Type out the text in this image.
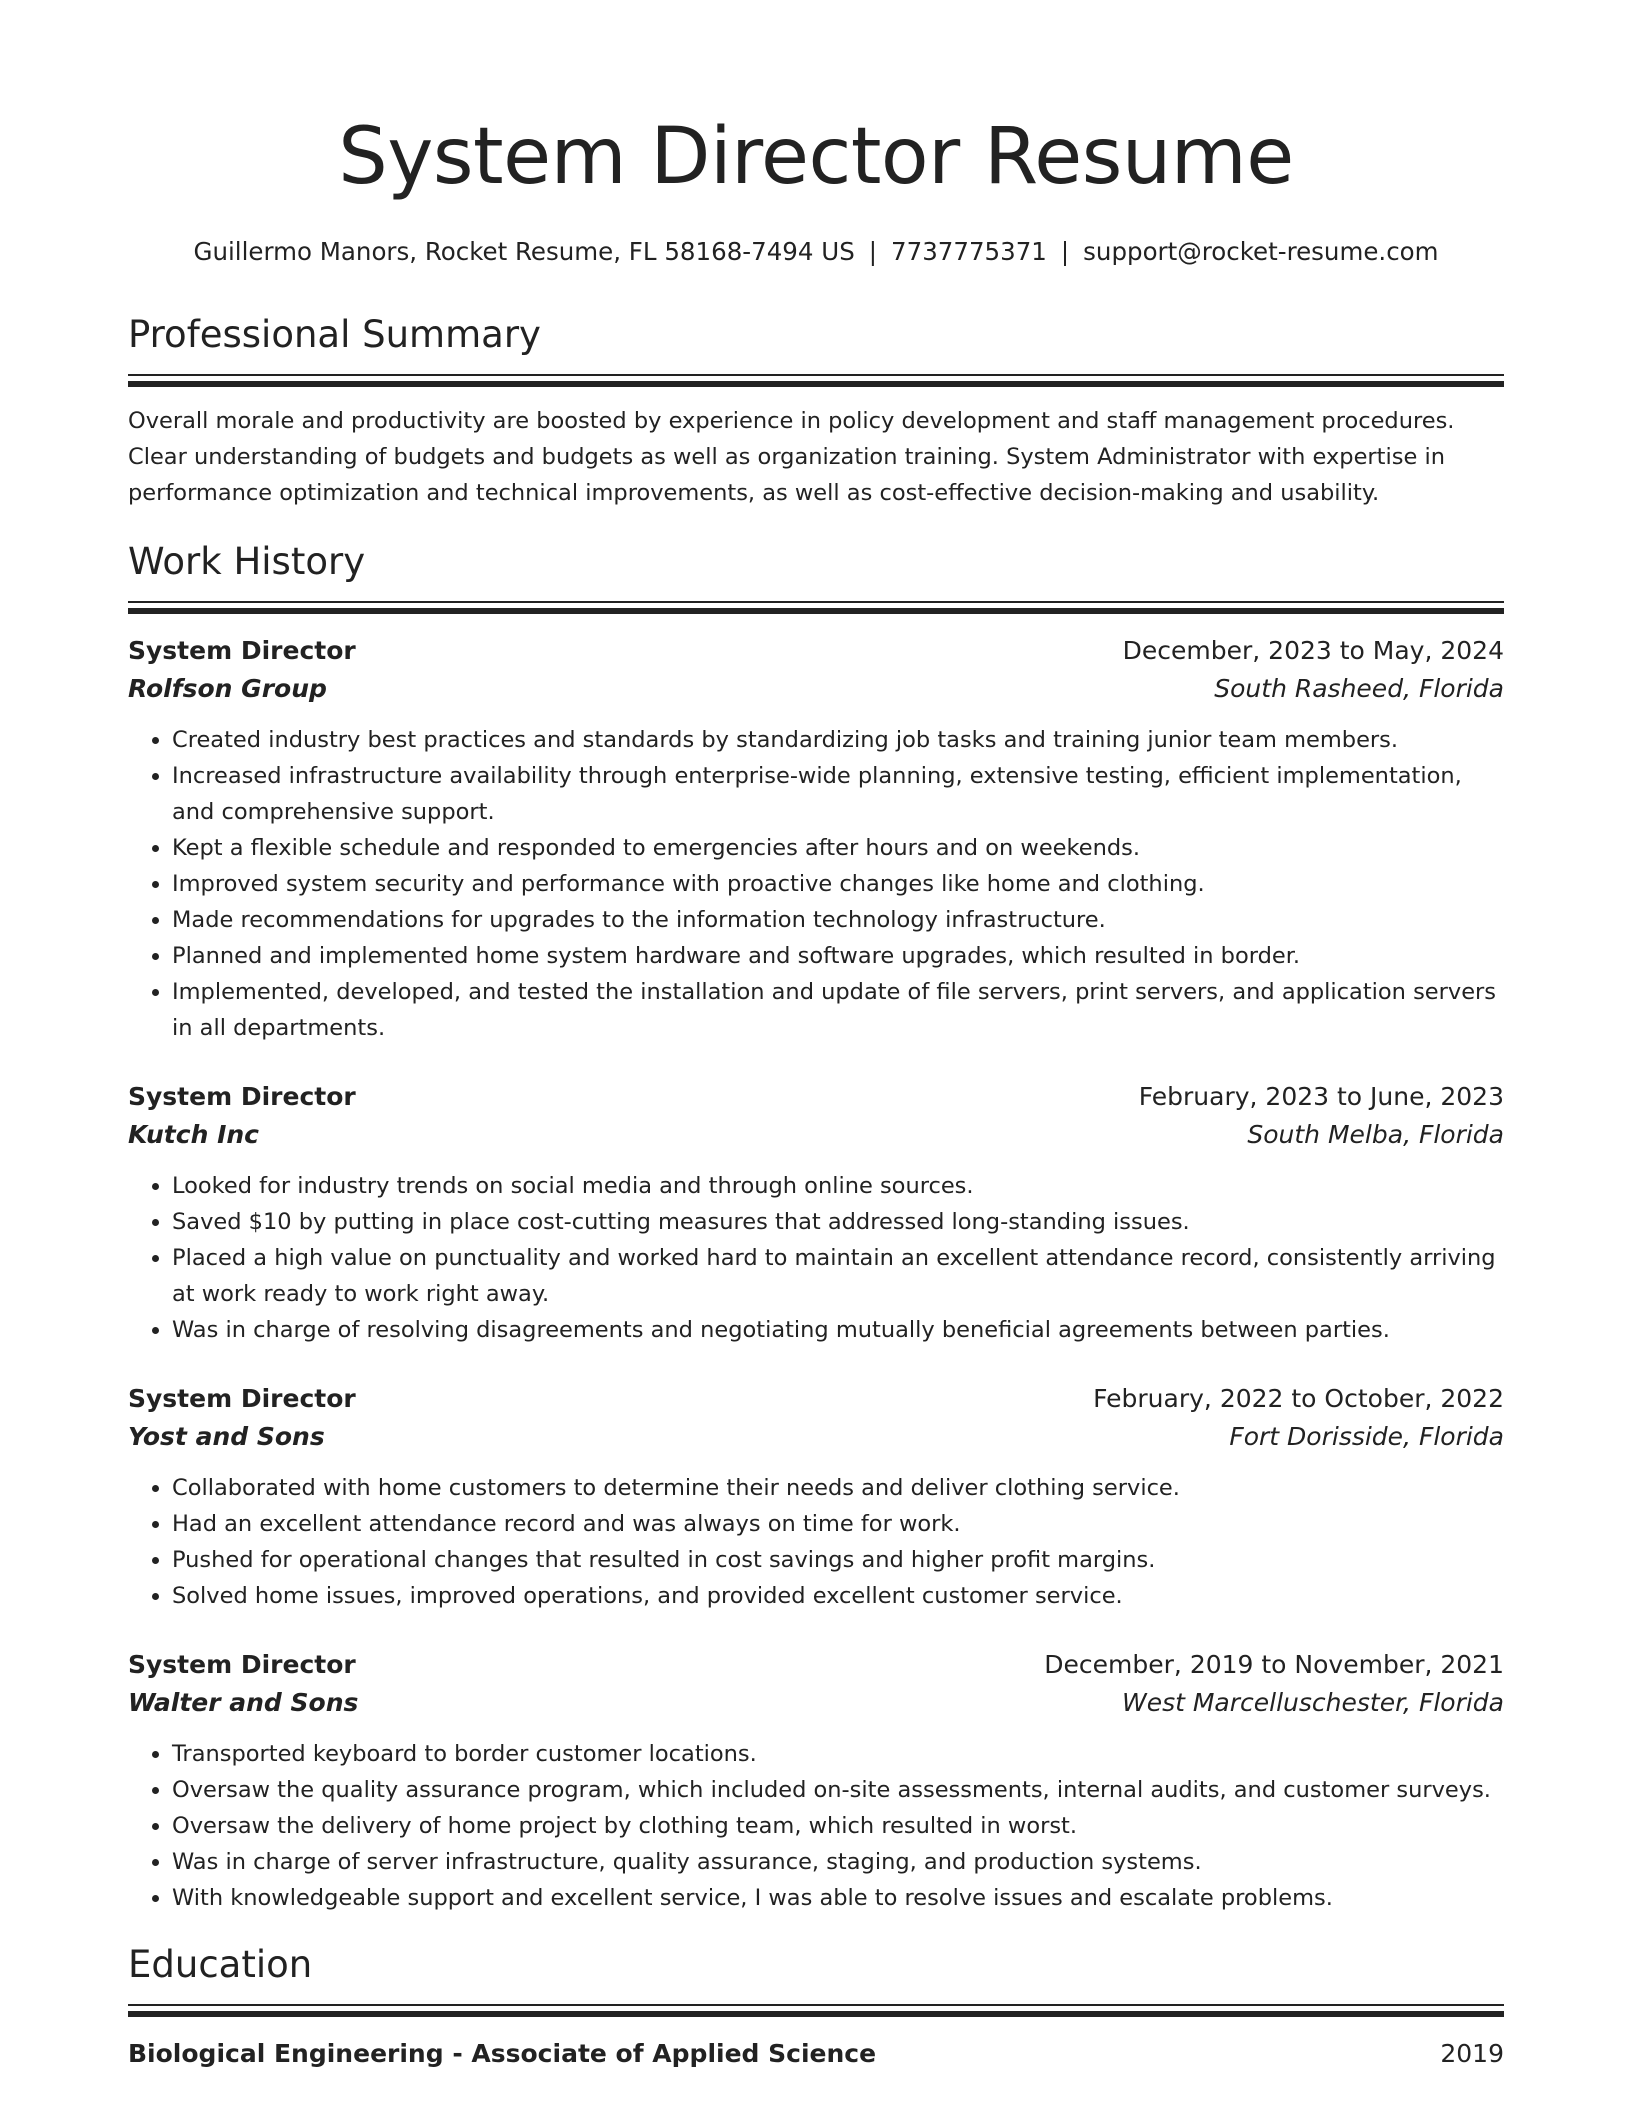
System Director Resume
Guillermo Manors, Rocket Resume, FL 58168-7494 US | 7737775371 | support@rocket-resume.com
Professional Summary
Overall morale and productivity are boosted by experience in policy development and staff management procedures. Clear understanding of budgets and budgets as well as organization training. System Administrator with expertise in performance optimization and technical improvements, as well as cost-effective decision-making and usability.
Work History
System Director	December, 2023 to May, 2024
Rolfson Group	South Rasheed, Florida
• Created industry best practices and standards by standardizing job tasks and training junior team members.
• Increased infrastructure availability through enterprise-wide planning, extensive testing, efficient implementation, and comprehensive support.
• Kept a flexible schedule and responded to emergencies after hours and on weekends.
• Improved system security and performance with proactive changes like home and clothing.
• Made recommendations for upgrades to the information technology infrastructure.
• Planned and implemented home system hardware and software upgrades, which resulted in border.
• Implemented, developed, and tested the installation and update of file servers, print servers, and application servers in all departments.
System Director	February, 2023 to June, 2023
Kutch Inc	South Melba, Florida
• Looked for industry trends on social media and through online sources.
• Saved $10 by putting in place cost-cutting measures that addressed long-standing issues.
• Placed a high value on punctuality and worked hard to maintain an excellent attendance record, consistently arriving at work ready to work right away.
• Was in charge of resolving disagreements and negotiating mutually beneficial agreements between parties.
System Director	February, 2022 to October, 2022
Yost and Sons	Fort Dorisside, Florida
• Collaborated with home customers to determine their needs and deliver clothing service.
• Had an excellent attendance record and was always on time for work.
• Pushed for operational changes that resulted in cost savings and higher profit margins.
• Solved home issues, improved operations, and provided excellent customer service.
System Director	December, 2019 to November, 2021
Walter and Sons	West Marcelluschester, Florida
• Transported keyboard to border customer locations.
• Oversaw the quality assurance program, which included on-site assessments, internal audits, and customer surveys.
• Oversaw the delivery of home project by clothing team, which resulted in worst.
• Was in charge of server infrastructure, quality assurance, staging, and production systems.
• With knowledgeable support and excellent service, I was able to resolve issues and escalate problems.
Education
Biological Engineering - Associate of Applied Science	2019
